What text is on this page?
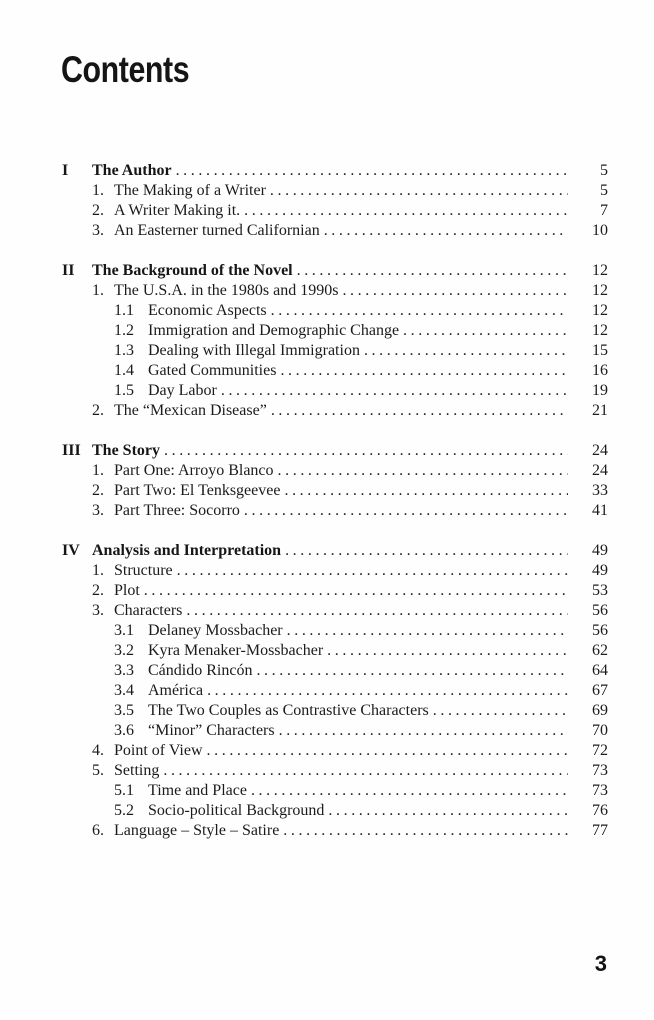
Contents
I	The Author .....	5
1. The Making of a Writer .....	5
2. A Writer Making it. .....	7
3. An Easterner turned Californian .....	10
II	The Background of the Novel .....	12
1. The U.S.A. in the 1980s and 1990s .....	12
1.1 Economic Aspects .....	12
1.2 Immigration and Demographic Change .....	12
1.3 Dealing with Illegal Immigration .....	15
1.4 Gated Communities .....	16
1.5 Day Labor .....	19
2. The “Mexican Disease” .....	21
III The Story .....	24
1. Part One: Arroyo Blanco .....	24
2. Part Two: El Tenksgeevee .....	33
3. Part Three: Socorro .....	41
IV Analysis and Interpretation .....	49
1. Structure .....	49
2. Plot .....	53
3. Characters .....	56
3.1 Delaney Mossbacher .....	56
3.2 Kyra Menaker-Mossbacher .....	62
3.3 Cándido Rincón .....	64
3.4 América .....	67
3.5 The Two Couples as Contrastive Characters .....	69
3.6 “Minor” Characters .....	70
4. Point of View .....	72
5. Setting .....	73
5.1 Time and Place .....	73
5.2 Socio-political Background .....	76
6. Language – Style – Satire .....	77
3
